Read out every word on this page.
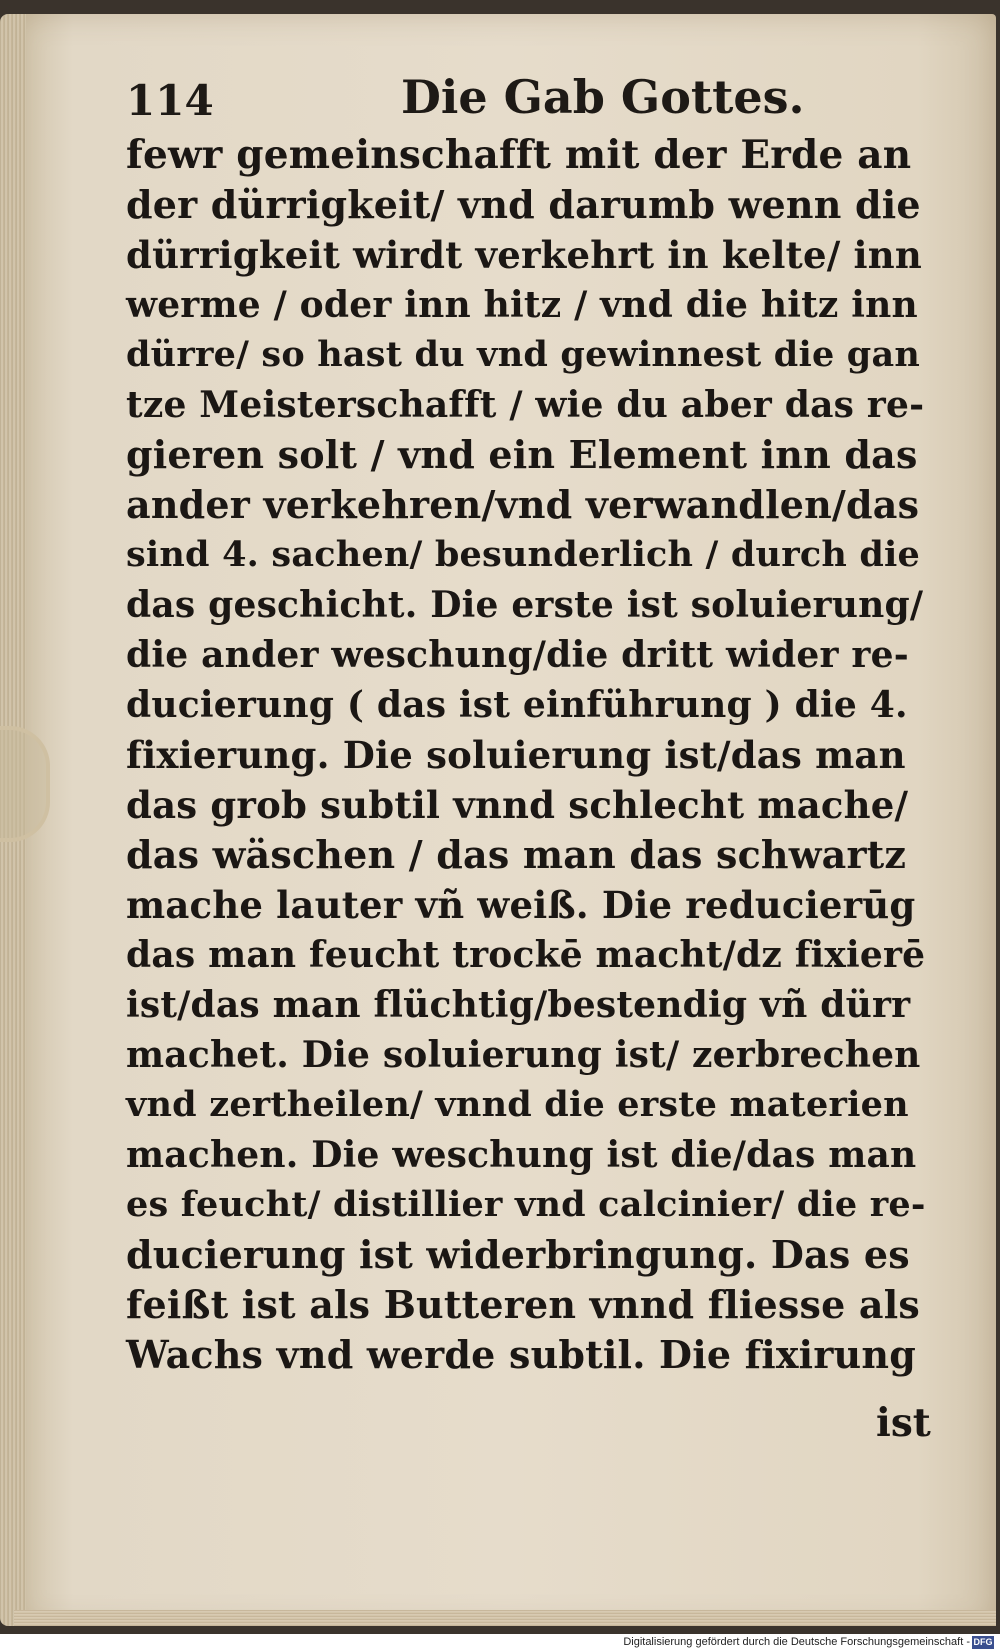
114	Die Gab Gottes.
fewr gemeinschafft mit der Erde an
der dürrigkeit/ vnd darumb wenn die
dürrigkeit wirdt verkehrt in kelte/ inn
werme / oder inn hitz / vnd die hitz inn
dürre/ so hast du vnd gewinnest die gan
tze Meisterschafft / wie du aber das re-
gieren solt / vnd ein Element inn das
ander verkehren/vnd verwandlen/das
sind 4. sachen/ besunderlich / durch die
das geschicht. Die erste ist soluierung/
die ander weschung/die dritt wider re-
ducierung ( das ist einführung ) die 4.
fixierung. Die soluierung ist/das man
das grob subtil vnnd schlecht mache/
das wäschen / das man das schwartz
mache lauter vñ weiß. Die reducierūg
das man feucht trockē macht/dz fixierē
ist/das man flüchtig/bestendig vñ dürr
machet. Die soluierung ist/ zerbrechen
vnd zertheilen/ vnnd die erste materien
machen. Die weschung ist die/das man
es feucht/ distillier vnd calcinier/ die re-
ducierung ist widerbringung. Das es
feißt ist als Butteren vnnd fliesse als
Wachs vnd werde subtil. Die fixirung
ist
Digitalisierung gefördert durch die Deutsche Forschungsgemeinschaft - DFG
